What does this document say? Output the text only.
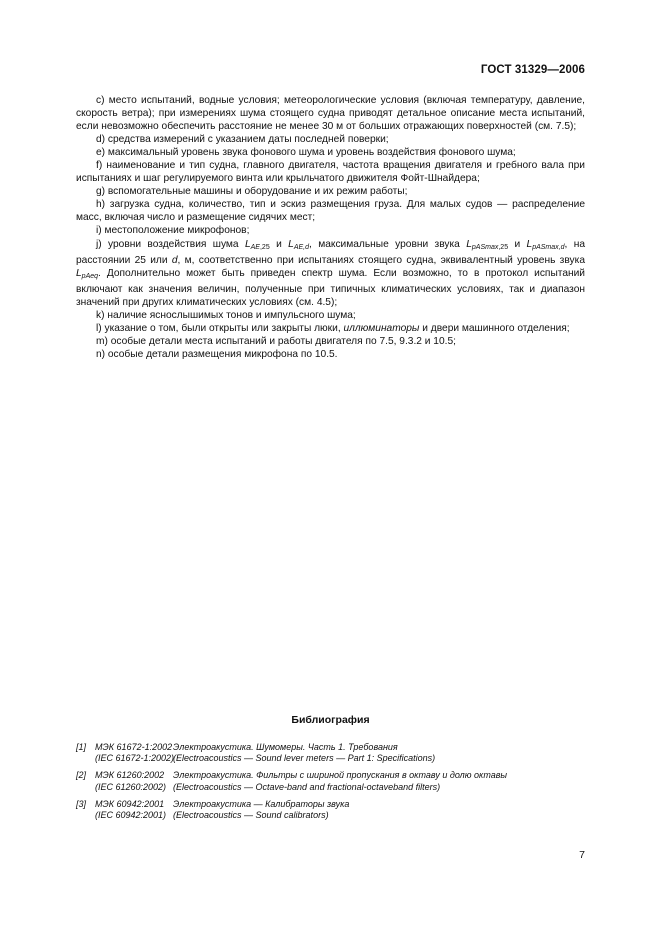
ГОСТ 31329—2006

c) место испытаний, водные условия; метеорологические условия (включая температуру, давление, скорость ветра); при измерениях шума стоящего судна приводят детальное описание места испытаний, если невозможно обеспечить расстояние не менее 30 м от больших отражающих поверхностей (см. 7.5);

d) средства измерений с указанием даты последней поверки;

e) максимальный уровень звука фонового шума и уровень воздействия фонового шума;

f) наименование и тип судна, главного двигателя, частота вращения двигателя и гребного вала при испытаниях и шаг регулируемого винта или крыльчатого движителя Фойт-Шнайдера;

g) вспомогательные машины и оборудование и их режим работы;

h) загрузка судна, количество, тип и эскиз размещения груза. Для малых судов — распределение масс, включая число и размещение сидячих мест;

i) местоположение микрофонов;

j) уровни воздействия шума $L_{AE,25}$ и $L_{AE,d}$, максимальные уровни звука $L_{pASmax,25}$ и $L_{pASmax,d}$, на расстоянии 25 или d, м, соответственно при испытаниях стоящего судна, эквивалентный уровень звука $L_{pAeq}$. Дополнительно может быть приведен спектр шума. Если возможно, то в протокол испытаний включают как значения величин, полученные при типичных климатических условиях, так и диапазон значений при других климатических условиях (см. 4.5);

k) наличие яснослышимых тонов и импульсного шума;

l) указание о том, были открыты или закрыты люки, иллюминаторы и двери машинного отделения;

m) особые детали места испытаний и работы двигателя по 7.5, 9.3.2 и 10.5;

n) особые детали размещения микрофона по 10.5.

Библиография
[1] МЭК 61672-1:2002
(IEC 61672-1:2002)
Электроакустика. Шумомеры. Часть 1. Требования
(Electroacoustics — Sound lever meters — Part 1: Specifications)
[2] МЭК 61260:2002
(IEC 61260:2002)
Электроакустика. Фильтры с шириной пропускания в октаву и долю октавы
(Electroacoustics — Octave-band and fractional-octaveband filters)
[3] МЭК 60942:2001
(IEC 60942:2001)
Электроакустика — Калибраторы звука
(Electroacoustics — Sound calibrators)
7
